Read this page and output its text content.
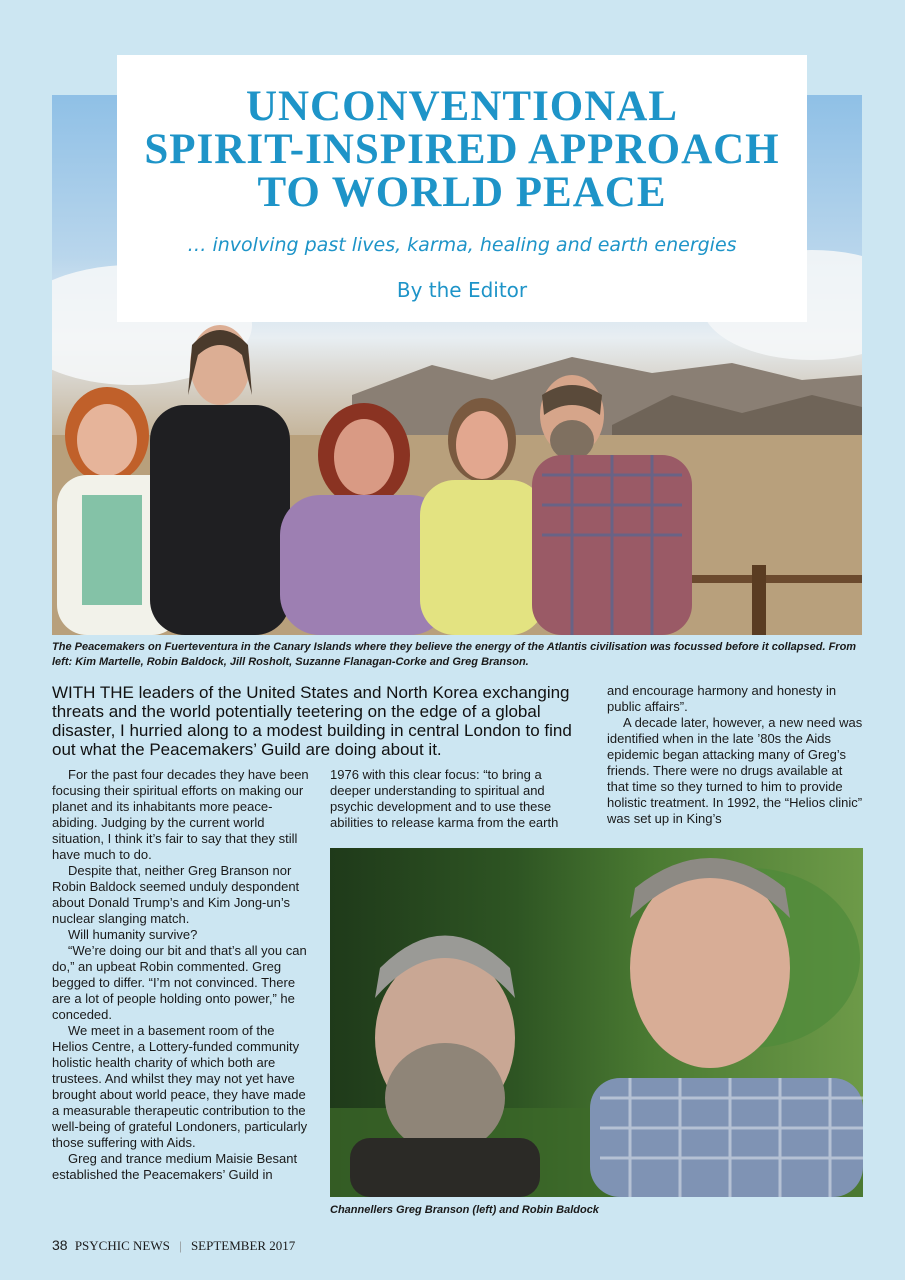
UNCONVENTIONAL
SPIRIT-INSPIRED APPROACH
TO WORLD PEACE
… involving past lives, karma, healing and earth energies
By the Editor
The Peacemakers on Fuerteventura in the Canary Islands where they believe the energy of the Atlantis civilisation was focussed before it collapsed. From left: Kim Martelle, Robin Baldock, Jill Rosholt, Suzanne Flanagan-Corke and Greg Branson.
WITH THE leaders of the United States and North Korea exchanging threats and the world potentially teetering on the edge of a global disaster, I hurried along to a modest building in central London to find out what the Peacemakers’ Guild are doing about it.

For the past four decades they have been focusing their spiritual efforts on making our planet and its inhabitants more peace-abiding. Judging by the current world situation, I think it’s fair to say that they still have much to do.

Despite that, neither Greg Branson nor Robin Baldock seemed unduly despondent about Donald Trump’s and Kim Jong-un’s nuclear slanging match.

Will humanity survive?

“We’re doing our bit and that’s all you can do,” an upbeat Robin commented. Greg begged to differ. “I’m not convinced. There are a lot of people holding onto power,” he conceded.

We meet in a basement room of the Helios Centre, a Lottery-funded community holistic health charity of which both are trustees. And whilst they may not yet have brought about world peace, they have made a measurable therapeutic contribution to the well-being of grateful Londoners, particularly those suffering with Aids.

Greg and trance medium Maisie Besant established the Peacemakers’ Guild in

1976 with this clear focus: “to bring a deeper understanding to spiritual and psychic development and to use these abilities to release karma from the earth

and encourage harmony and honesty in public affairs”.

A decade later, however, a new need was identified when in the late ’80s the Aids epidemic began attacking many of Greg’s friends. There were no drugs available at that time so they turned to him to provide holistic treatment. In 1992, the “Helios clinic” was set up in King’s

Channellers Greg Branson (left) and Robin Baldock
38 PSYCHIC NEWS | SEPTEMBER 2017
